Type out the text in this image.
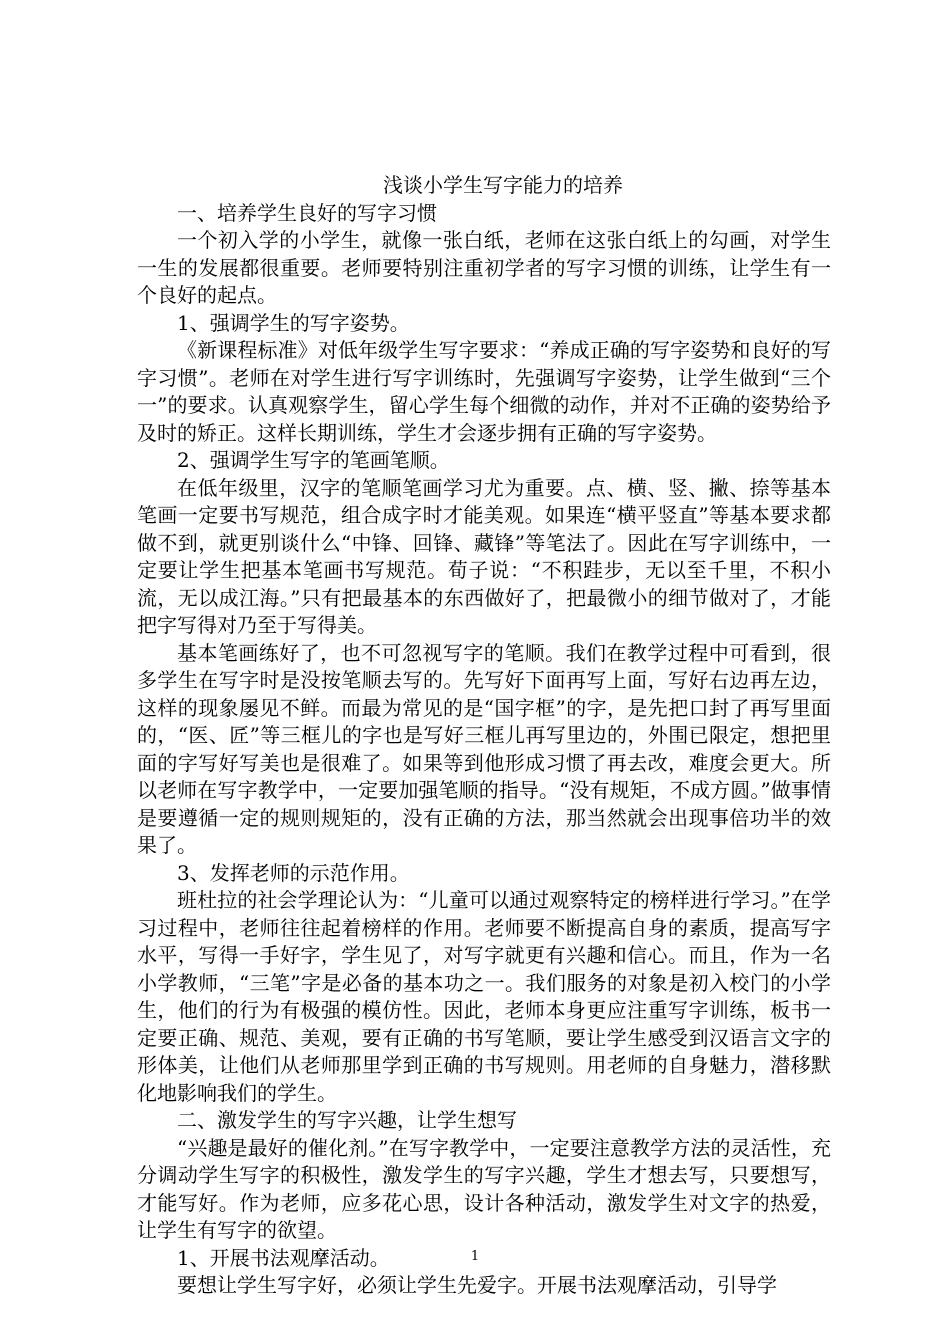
浅谈小学生写字能力的培养

一、培养学生良好的写字习惯

一个初入学的小学生，就像一张白纸，老师在这张白纸上的勾画，对学生一生的发展都很重要。老师要特别注重初学者的写字习惯的训练，让学生有一个良好的起点。

1、强调学生的写字姿势。

《新课程标准》对低年级学生写字要求：“养成正确的写字姿势和良好的写字习惯”。老师在对学生进行写字训练时，先强调写字姿势，让学生做到“三个一”的要求。认真观察学生，留心学生每个细微的动作，并对不正确的姿势给予及时的矫正。这样长期训练，学生才会逐步拥有正确的写字姿势。

2、强调学生写字的笔画笔顺。

在低年级里，汉字的笔顺笔画学习尤为重要。点、横、竖、撇、捺等基本笔画一定要书写规范，组合成字时才能美观。如果连“横平竖直”等基本要求都做不到，就更别谈什么“中锋、回锋、藏锋”等笔法了。因此在写字训练中，一定要让学生把基本笔画书写规范。荀子说：“不积跬步，无以至千里，不积小流，无以成江海。”只有把最基本的东西做好了，把最微小的细节做对了，才能把字写得对乃至于写得美。

基本笔画练好了，也不可忽视写字的笔顺。我们在教学过程中可看到，很多学生在写字时是没按笔顺去写的。先写好下面再写上面，写好右边再左边，这样的现象屡见不鲜。而最为常见的是“国字框”的字，是先把口封了再写里面的，“医、匠”等三框儿的字也是写好三框儿再写里边的，外围已限定，想把里面的字写好写美也是很难了。如果等到他形成习惯了再去改，难度会更大。所以老师在写字教学中，一定要加强笔顺的指导。“没有规矩，不成方圆。”做事情是要遵循一定的规则规矩的，没有正确的方法，那当然就会出现事倍功半的效果了。

3、发挥老师的示范作用。

班杜拉的社会学理论认为：“儿童可以通过观察特定的榜样进行学习。”在学习过程中，老师往往起着榜样的作用。老师要不断提高自身的素质，提高写字水平，写得一手好字，学生见了，对写字就更有兴趣和信心。而且，作为一名小学教师，“三笔”字是必备的基本功之一。我们服务的对象是初入校门的小学生，他们的行为有极强的模仿性。因此，老师本身更应注重写字训练，板书一定要正确、规范、美观，要有正确的书写笔顺，要让学生感受到汉语言文字的形体美，让他们从老师那里学到正确的书写规则。用老师的自身魅力，潜移默化地影响我们的学生。

二、激发学生的写字兴趣，让学生想写

“兴趣是最好的催化剂。”在写字教学中，一定要注意教学方法的灵活性，充分调动学生写字的积极性，激发学生的写字兴趣，学生才想去写，只要想写，才能写好。作为老师，应多花心思，设计各种活动，激发学生对文字的热爱，让学生有写字的欲望。

1、开展书法观摩活动。

要想让学生写字好，必须让学生先爱字。开展书法观摩活动，引导学

1
